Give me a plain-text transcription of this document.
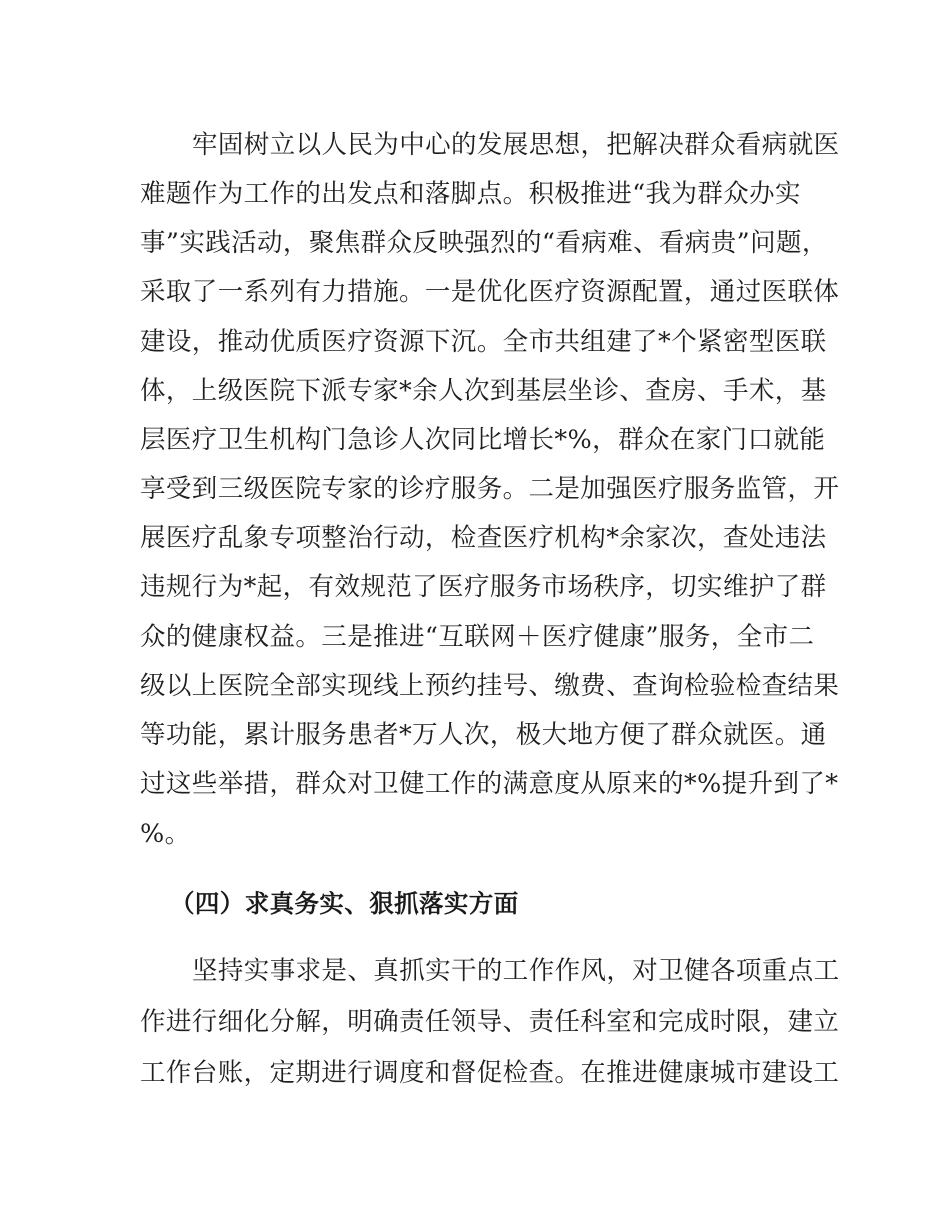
牢固树立以人民为中心的发展思想，把解决群众看病就医

难题作为工作的出发点和落脚点。积极推进“我为群众办实

事”实践活动，聚焦群众反映强烈的“看病难、看病贵”问题，

采取了一系列有力措施。一是优化医疗资源配置，通过医联体

建设，推动优质医疗资源下沉。全市共组建了*个紧密型医联

体，上级医院下派专家*余人次到基层坐诊、查房、手术，基

层医疗卫生机构门急诊人次同比增长*%，群众在家门口就能

享受到三级医院专家的诊疗服务。二是加强医疗服务监管，开

展医疗乱象专项整治行动，检查医疗机构*余家次，查处违法

违规行为*起，有效规范了医疗服务市场秩序，切实维护了群

众的健康权益。三是推进“互联网＋医疗健康”服务，全市二

级以上医院全部实现线上预约挂号、缴费、查询检验检查结果

等功能，累计服务患者*万人次，极大地方便了群众就医。通

过这些举措，群众对卫健工作的满意度从原来的*%提升到了*

%。

（四）求真务实、狠抓落实方面

坚持实事求是、真抓实干的工作作风，对卫健各项重点工

作进行细化分解，明确责任领导、责任科室和完成时限，建立

工作台账，定期进行调度和督促检查。在推进健康城市建设工
